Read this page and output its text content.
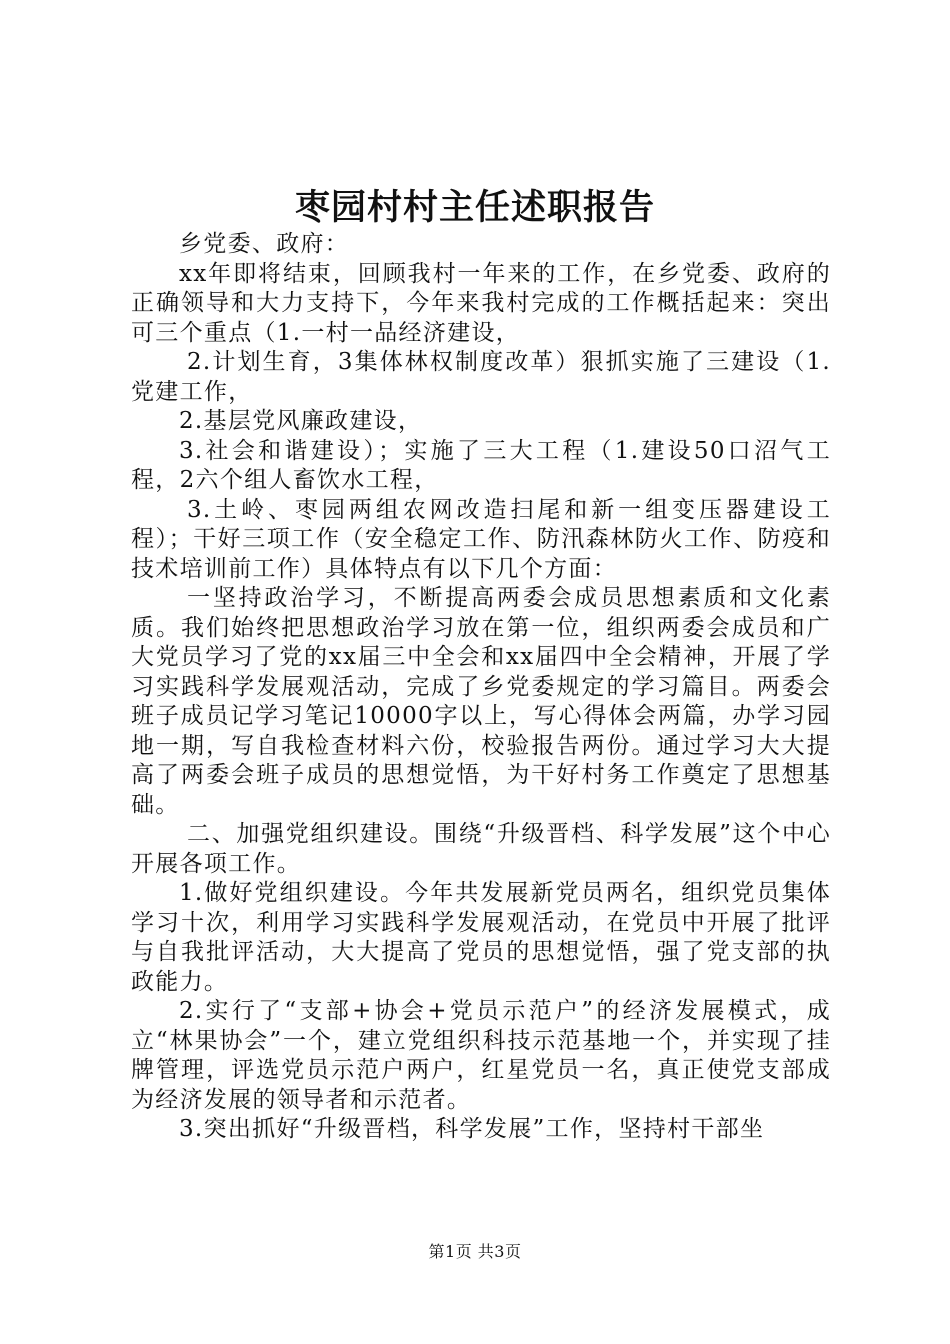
枣园村村主任述职报告

乡党委、政府：

xx年即将结束，回顾我村一年来的工作，在乡党委、政府的正确领导和大力支持下，今年来我村完成的工作概括起来：突出可三个重点（1.一村一品经济建设，

2.计划生育，3集体林权制度改革）狠抓实施了三建设（1.党建工作，

2.基层党风廉政建设，

3.社会和谐建设）；实施了三大工程（1.建设50口沼气工程，2六个组人畜饮水工程，

3.土岭、枣园两组农网改造扫尾和新一组变压器建设工程）；干好三项工作（安全稳定工作、防汛森林防火工作、防疫和技术培训前工作）具体特点有以下几个方面：

一坚持政治学习，不断提高两委会成员思想素质和文化素质。我们始终把思想政治学习放在第一位，组织两委会成员和广大党员学习了党的xx届三中全会和xx届四中全会精神，开展了学习实践科学发展观活动，完成了乡党委规定的学习篇目。两委会班子成员记学习笔记10000字以上，写心得体会两篇，办学习园地一期，写自我检查材料六份，校验报告两份。通过学习大大提高了两委会班子成员的思想觉悟，为干好村务工作奠定了思想基础。

二、加强党组织建设。围绕“升级晋档、科学发展”这个中心开展各项工作。

1.做好党组织建设。今年共发展新党员两名，组织党员集体学习十次，利用学习实践科学发展观活动，在党员中开展了批评与自我批评活动，大大提高了党员的思想觉悟，强了党支部的执政能力。

2.实行了“支部+协会+党员示范户”的经济发展模式，成立“林果协会”一个，建立党组织科技示范基地一个，并实现了挂牌管理，评选党员示范户两户，红星党员一名，真正使党支部成为经济发展的领导者和示范者。

3.突出抓好“升级晋档，科学发展”工作，坚持村干部坐

第1页 共3页
